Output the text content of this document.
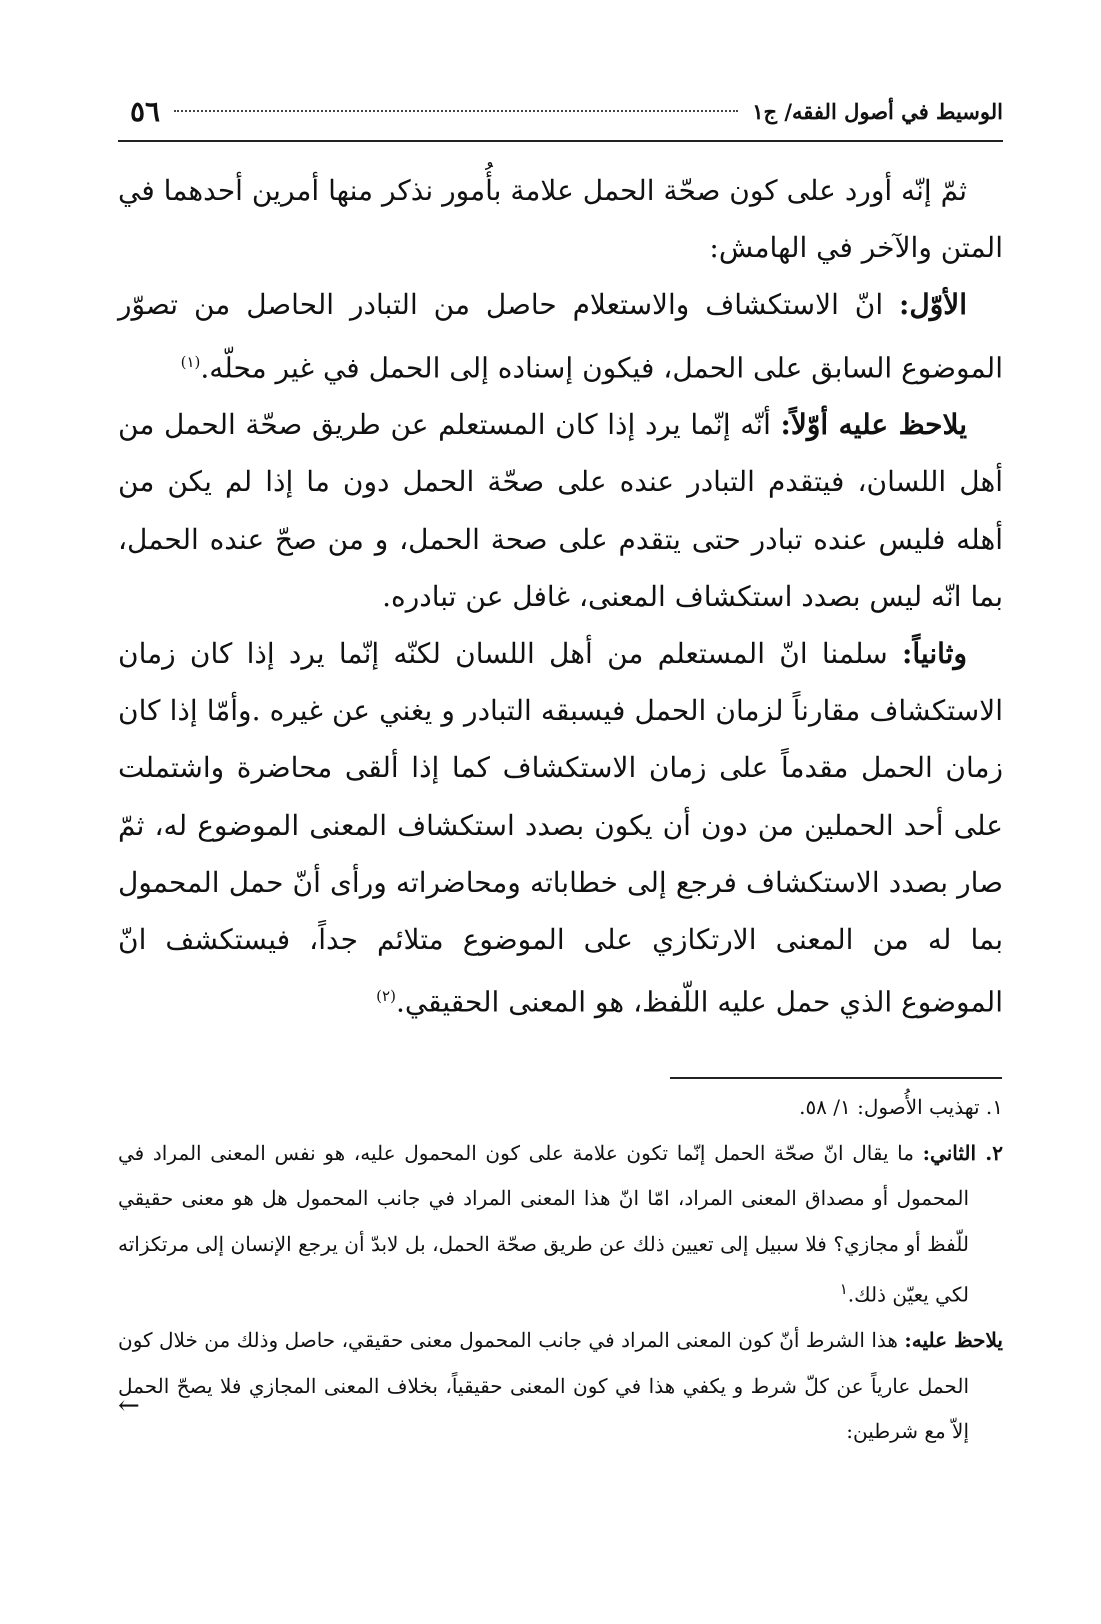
٥٦	الوسيط في أصول الفقه/ ج١

ثمّ إنّه أورد على كون صحّة الحمل علامة بأُمور نذكر منها أمرين أحدهما في المتن والآخر في الهامش:

الأوّل: انّ الاستكشاف والاستعلام حاصل من التبادر الحاصل من تصوّر الموضوع السابق على الحمل، فيكون إسناده إلى الحمل في غير محلّه.$^{(١)}$

يلاحظ عليه أوّلاً: أنّه إنّما يرد إذا كان المستعلم عن طريق صحّة الحمل من أهل اللسان، فيتقدم التبادر عنده على صحّة الحمل دون ما إذا لم يكن من أهله فليس عنده تبادر حتى يتقدم على صحة الحمل، و من صحّ عنده الحمل، بما انّه ليس بصدد استكشاف المعنى، غافل عن تبادره.

وثانياً: سلمنا انّ المستعلم من أهل اللسان لكنّه إنّما يرد إذا كان زمان الاستكشاف مقارناً لزمان الحمل فيسبقه التبادر و يغني عن غيره .وأمّا إذا كان زمان الحمل مقدماً على زمان الاستكشاف كما إذا ألقى محاضرة واشتملت على أحد الحملين من دون أن يكون بصدد استكشاف المعنى الموضوع له، ثمّ صار بصدد الاستكشاف فرجع إلى خطاباته ومحاضراته ورأى أنّ حمل المحمول بما له من المعنى الارتكازي على الموضوع متلائم جداً، فيستكشف انّ الموضوع الذي حمل عليه اللّفظ، هو المعنى الحقيقي.$^{(٢)}$

١. تهذيب الأُصول: ١/ ٥٨.

٢. الثاني: ما يقال انّ صحّة الحمل إنّما تكون علامة على كون المحمول عليه، هو نفس المعنى المراد في المحمول أو مصداق المعنى المراد، امّا انّ هذا المعنى المراد في جانب المحمول هل هو معنى حقيقي للّفظ أو مجازي؟ فلا سبيل إلى تعيين ذلك عن طريق صحّة الحمل، بل لابدّ أن يرجع الإنسان إلى مرتكزاته لكي يعيّن ذلك.$^١$

يلاحظ عليه: هذا الشرط أنّ كون المعنى المراد في جانب المحمول معنى حقيقي، حاصل وذلك من خلال كون الحمل عارياً عن كلّ شرط و يكفي هذا في كون المعنى حقيقياً، بخلاف المعنى المجازي فلا يصحّ الحمل إلاّ مع شرطين:

←
